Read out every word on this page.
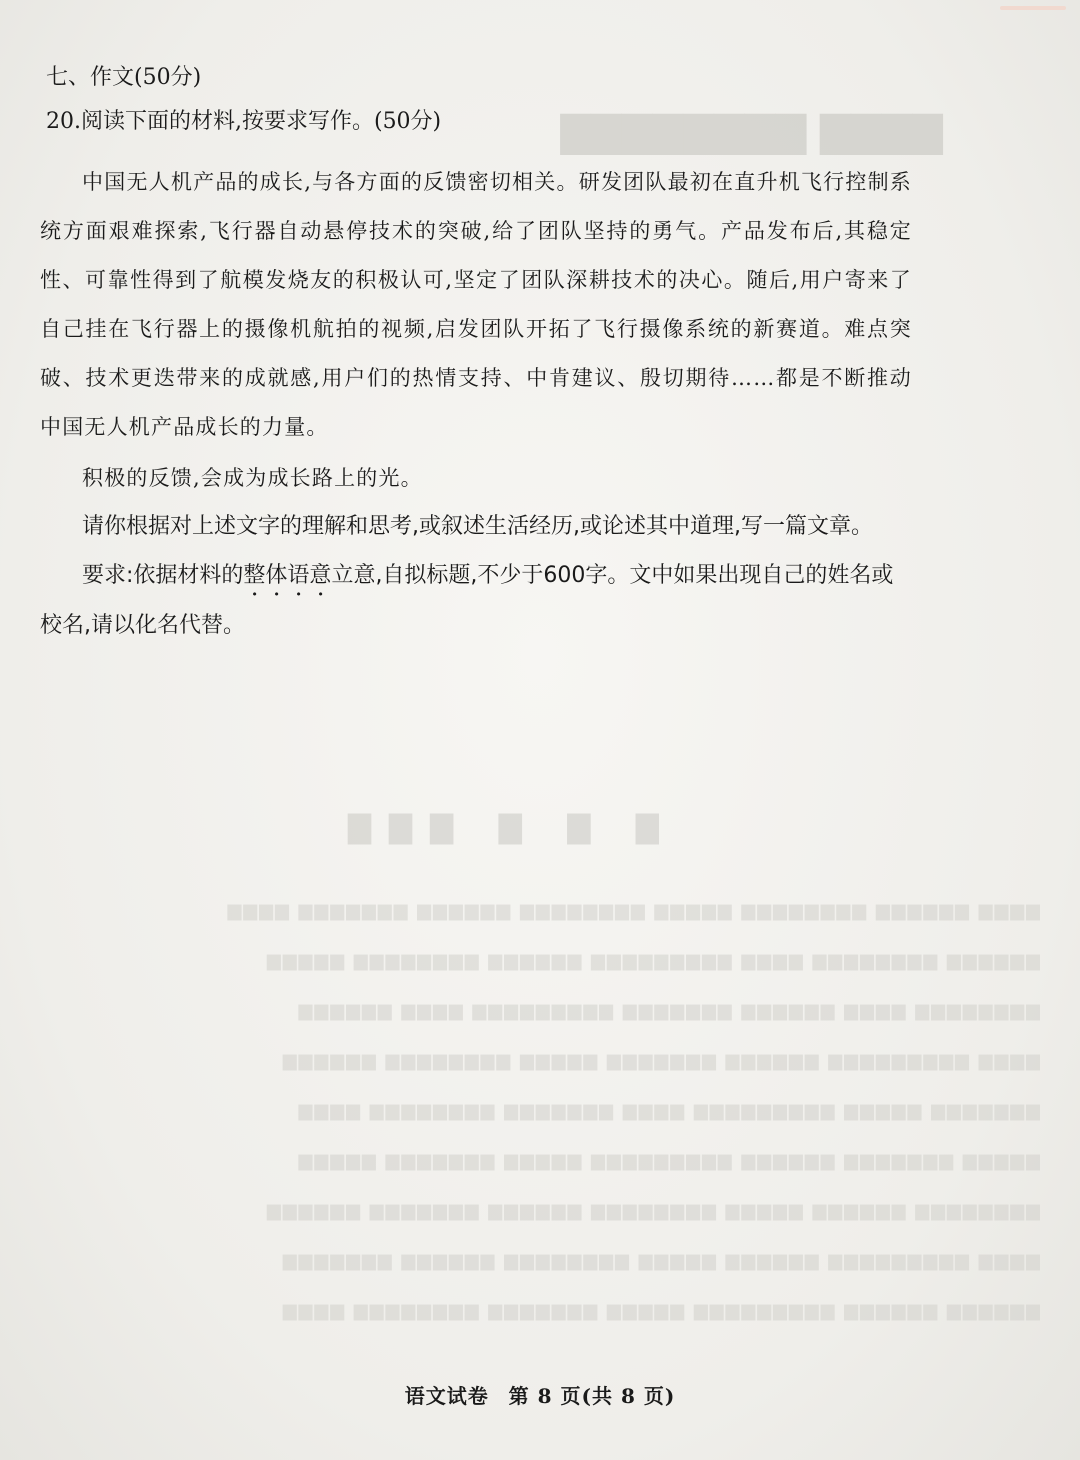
▇▇▇▇ ▇▇▇▇▇▇▇▇
▇ ▇ ▇ ▇▇▇
▆▆▆▆ ▆▆▆▆▆▆ ▆▆▆▆▆▆▆▆ ▆▆▆▆▆ ▆▆▆▆▆▆▆▆ ▆▆▆▆▆▆ ▆▆▆▆▆▆▆ ▆▆▆▆
▆▆▆▆▆▆ ▆▆▆▆▆▆▆▆ ▆▆▆▆ ▆▆▆▆▆▆▆▆▆ ▆▆▆▆▆▆ ▆▆▆▆▆▆▆▆ ▆▆▆▆▆
▆▆▆▆▆▆▆▆ ▆▆▆▆ ▆▆▆▆▆▆ ▆▆▆▆▆▆▆ ▆▆▆▆▆▆▆▆▆ ▆▆▆▆ ▆▆▆▆▆▆
▆▆▆▆ ▆▆▆▆▆▆▆▆▆ ▆▆▆▆▆▆ ▆▆▆▆▆▆▆ ▆▆▆▆▆ ▆▆▆▆▆▆▆▆ ▆▆▆▆▆▆
▆▆▆▆▆▆▆ ▆▆▆▆▆ ▆▆▆▆▆▆▆▆▆ ▆▆▆▆ ▆▆▆▆▆▆▆ ▆▆▆▆▆▆▆▆ ▆▆▆▆
▆▆▆▆▆ ▆▆▆▆▆▆▆ ▆▆▆▆▆▆ ▆▆▆▆▆▆▆▆▆ ▆▆▆▆▆ ▆▆▆▆▆▆▆ ▆▆▆▆▆
▆▆▆▆▆▆▆▆ ▆▆▆▆▆▆ ▆▆▆▆▆ ▆▆▆▆▆▆▆▆ ▆▆▆▆▆▆ ▆▆▆▆▆▆▆ ▆▆▆▆▆▆
▆▆▆▆ ▆▆▆▆▆▆▆▆▆ ▆▆▆▆▆▆ ▆▆▆▆▆ ▆▆▆▆▆▆▆▆ ▆▆▆▆▆▆ ▆▆▆▆▆▆▆
▆▆▆▆▆▆ ▆▆▆▆▆▆ ▆▆▆▆▆▆▆▆▆ ▆▆▆▆▆ ▆▆▆▆▆▆▆ ▆▆▆▆▆▆▆▆ ▆▆▆▆
七、作文(50分)
20.阅读下面的材料,按要求写作。(50分)

中国无人机产品的成长,与各方面的反馈密切相关。研发团队最初在直升机飞行控制系统方面艰难探索,飞行器自动悬停技术的突破,给了团队坚持的勇气。产品发布后,其稳定性、可靠性得到了航模发烧友的积极认可,坚定了团队深耕技术的决心。随后,用户寄来了自己挂在飞行器上的摄像机航拍的视频,启发团队开拓了飞行摄像系统的新赛道。难点突破、技术更迭带来的成就感,用户们的热情支持、中肯建议、殷切期待……都是不断推动中国无人机产品成长的力量。

积极的反馈,会成为成长路上的光。

请你根据对上述文字的理解和思考,或叙述生活经历,或论述其中道理,写一篇文章。

要求:依据材料的整体语意立意,自拟标题,不少于600字。文中如果出现自己的姓名或校名,请以化名代替。

语文试卷 第 8 页(共 8 页)
